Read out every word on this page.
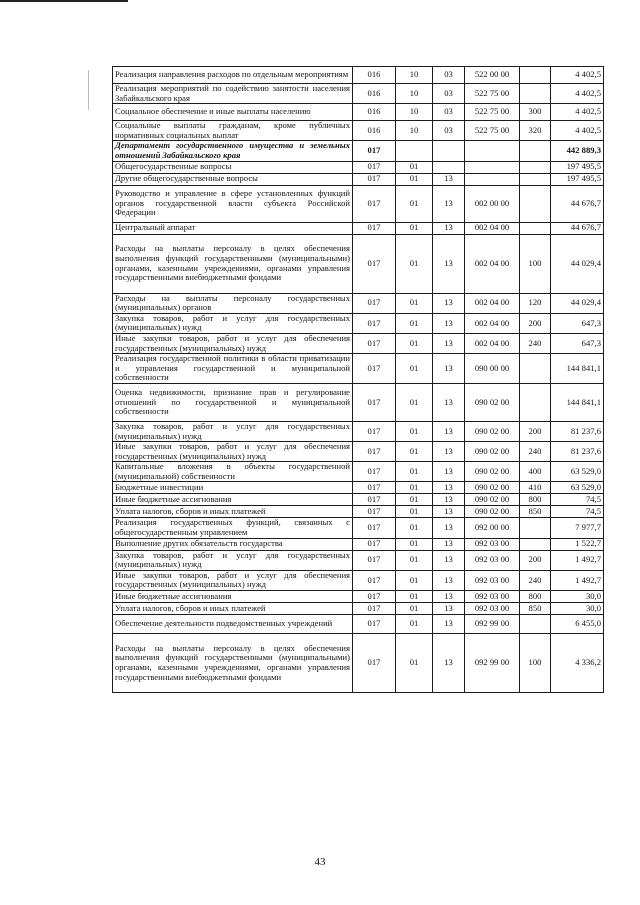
Реализация направления расходов по отдельным мероприятиям	016	10	03	522 00 00		4 402,5
Реализация мероприятий по содействию занятости населения Забайкальского края	016	10	03	522 75 00		4 402,5
Социальное обеспечение и иные выплаты населению	016	10	03	522 75 00	300	4 402,5
Социальные выплаты гражданам, кроме публичных нормативных социальных выплат	016	10	03	522 75 00	320	4 402,5
Департамент государственного имущества и земельных отношений Забайкальского края	017					442 889,3
Общегосударственные вопросы	017	01				197 495,5
Другие общегосударственные вопросы	017	01	13			197 495,5
Руководство и управление в сфере установленных функций органов государственной власти субъекта Российской Федерации	017	01	13	002 00 00		44 676,7
Центральный аппарат	017	01	13	002 04 00		44 676,7
Расходы на выплаты персоналу в целях обеспечения выполнения функций государственными (муниципальными) органами, казенными учреждениями, органами управления государственными внебюджетными фондами	017	01	13	002 04 00	100	44 029,4
Расходы на выплаты персоналу государственных (муниципальных) органов	017	01	13	002 04 00	120	44 029,4
Закупка товаров, работ и услуг для государственных (муниципальных) нужд	017	01	13	002 04 00	200	647,3
Иные закупки товаров, работ и услуг для обеспечения государственных (муниципальных) нужд	017	01	13	002 04 00	240	647,3
Реализация государственной политики в области приватизации и управления государственной и муниципальной собственности	017	01	13	090 00 00		144 841,1
Оценка недвижимости, признание прав и регулирование отношений по государственной и муниципальной собственности	017	01	13	090 02 00		144 841,1
Закупка товаров, работ и услуг для государственных (муниципальных) нужд	017	01	13	090 02 00	200	81 237,6
Иные закупки товаров, работ и услуг для обеспечения государственных (муниципальных) нужд	017	01	13	090 02 00	240	81 237,6
Капитальные вложения в объекты государственной (муниципальной) собственности	017	01	13	090 02 00	400	63 529,0
Бюджетные инвестиции	017	01	13	090 02 00	410	63 529,0
Иные бюджетные ассигнования	017	01	13	090 02 00	800	74,5
Уплата налогов, сборов и иных платежей	017	01	13	090 02 00	850	74,5
Реализация государственных функций, связанных с общегосударственным управлением	017	01	13	092 00 00		7 977,7
Выполнение других обязательств государства	017	01	13	092 03 00		1 522,7
Закупка товаров, работ и услуг для государственных (муниципальных) нужд	017	01	13	092 03 00	200	1 492,7
Иные закупки товаров, работ и услуг для обеспечения государственных (муниципальных) нужд	017	01	13	092 03 00	240	1 492,7
Иные бюджетные ассигнования	017	01	13	092 03 00	800	30,0
Уплата налогов, сборов и иных платежей	017	01	13	092 03 00	850	30,0
Обеспечение деятельности подведомственных учреждений	017	01	13	092 99 00		6 455,0
Расходы на выплаты персоналу в целях обеспечения выполнения функций государственными (муниципальными) органами, казенными учреждениями, органами управления государственными внебюджетными фондами	017	01	13	092 99 00	100	4 336,2
43
